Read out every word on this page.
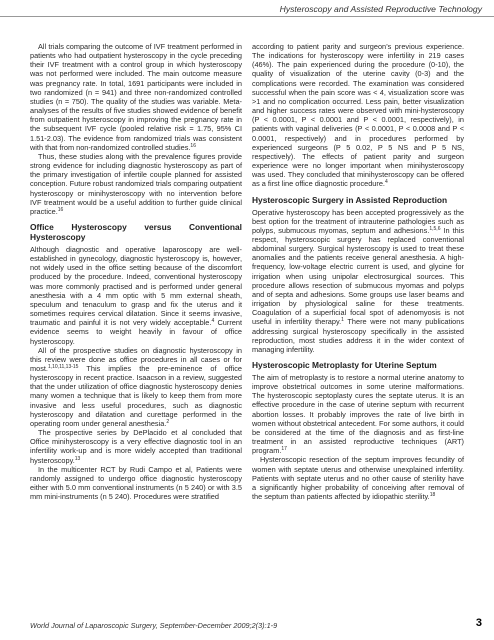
Hysteroscopy and Assisted Reproductive Technology

All trials comparing the outcome of IVF treatment performed in patients who had outpatient hysteroscopy in the cycle preceding their IVF treatment with a control group in which hysteroscopy was not performed were included. The main outcome measure was pregnancy rate. In total, 1691 participants were included in two randomized (n = 941) and three non-randomized controlled studies (n = 750). The quality of the studies was variable. Meta-analyses of the results of five studies showed evidence of benefit from outpatient hysteroscopy in improving the pregnancy rate in the subsequent IVF cycle (pooled relative risk = 1.75, 95% CI 1.51-2.03). The evidence from randomized trials was consistent with that from non-randomized controlled studies.$^{16}$

Thus, these studies along with the prevalence figures provide strong evidence for including diagnostic hysteroscopy as part of the primary investigation of infertile couple planned for assisted conception. Future robust randomized trials comparing outpatient hysteroscopy or minihysteroscopy with no intervention before IVF treatment would be a useful addition to further guide clinical practice.$^{16}$

Office Hysteroscopy versus Conventional Hysteroscopy

Although diagnostic and operative laparoscopy are well-established in gynecology, diagnostic hysteroscopy is, however, not widely used in the office setting because of the discomfort produced by the procedure. Indeed, conventional hysteroscopy was more commonly practised and is performed under general anesthesia with a 4 mm optic with 5 mm external sheath, speculum and tenaculum to grasp and fix the uterus and it sometimes requires cervical dilatation. Since it seems invasive, traumatic and painful it is not very widely acceptable.$^4$ Current evidence seems to weight heavily in favour of office hysteroscopy.

All of the prospective studies on diagnostic hysteroscopy in this review were done as office procedures in all cases or for most.$^{1,10,11,13-15}$ This implies the pre-eminence of office hysteroscopy in recent practice. Isaacson in a review, suggested that the under utilization of office diagnostic hysteroscopy denies many women a technique that is likely to keep them from more invasive and less useful procedures, such as diagnostic hysteroscopy and dilatation and curettage performed in the operating room under general anesthesia.$^2$

The prospective series by DePlacido et al concluded that Office minihysteroscopy is a very effective diagnostic tool in an infertility work-up and is more widely accepted than traditional hysteroscopy.$^{13}$

In the multicenter RCT by Rudi Campo et al, Patients were randomly assigned to undergo office diagnostic hysteroscopy either with 5.0 mm conventional instruments (n 5 240) or with 3.5 mm mini-instruments (n 5 240). Procedures were stratified

according to patient parity and surgeon’s previous experience. The indications for hysteroscopy were infertility in 219 cases (46%). The pain experienced during the procedure (0-10), the quality of visualization of the uterine cavity (0-3) and the complications were recorded. The examination was considered successful when the pain score was < 4, visualization score was >1 and no complication occurred. Less pain, better visualization and higher success rates were observed with mini-hysteroscopy (P < 0.0001, P < 0.0001 and P < 0.0001, respectively), in patients with vaginal deliveries (P < 0.0001, P < 0.0008 and P < 0.0001, respectively) and in procedures performed by experienced surgeons (P 5 0.02, P 5 NS and P 5 NS, respectively). The effects of patient parity and surgeon experience were no longer important when minihysteroscopy was used. They concluded that minihysteroscopy can be offered as a first line office diagnostic procedure.$^4$

Hysteroscopic Surgery in Assisted Reproduction

Operative hysteroscopy has been accepted progressively as the best option for the treatment of intrauterine pathologies such as polyps, submucous myomas, septum and adhesions.$^{1,5,6}$ In this respect, hysteroscopic surgery has replaced conventional abdominal surgery. Surgical hysteroscopy is used to treat these anomalies and the patients receive general anesthesia. A high-frequency, low-voltage electric current is used, and glycine for irrigation when using unipolar electrosurgical sources. This procedure allows resection of submucous myomas and polyps and of septa and adhesions. Some groups use laser beams and irrigation by physiological saline for these treatments. Coagulation of a superficial focal spot of adenomyosis is not useful in infertility therapy.$^1$ There were not many publications addressing surgical hysteroscopy specifically in the assisted reproduction, most studies address it in the wider context of managing infertility.

Hysteroscopic Metroplasty for Uterine Septum

The aim of metroplasty is to restore a normal uterine anatomy to improve obstetrical outcomes in some uterine malformations. The hysteroscopic septoplasty cures the septate uterus. It is an effective procedure in the case of uterine septum with recurrent abortion losses. It probably improves the rate of live birth in women without obstetrical antecedent. For some authors, it could be considered at the time of the diagnosis and as first-line treatment in an assisted reproductive techniques (ART) program.$^{17}$

Hysteroscopic resection of the septum improves fecundity of women with septate uterus and otherwise unexplained infertility. Patients with septate uterus and no other cause of sterility have a significantly higher probability of conceiving after removal of the septum than patients affected by idiopathic sterility.$^{18}$

World Journal of Laparoscopic Surgery, September-December 2009;2(3):1-9	3
